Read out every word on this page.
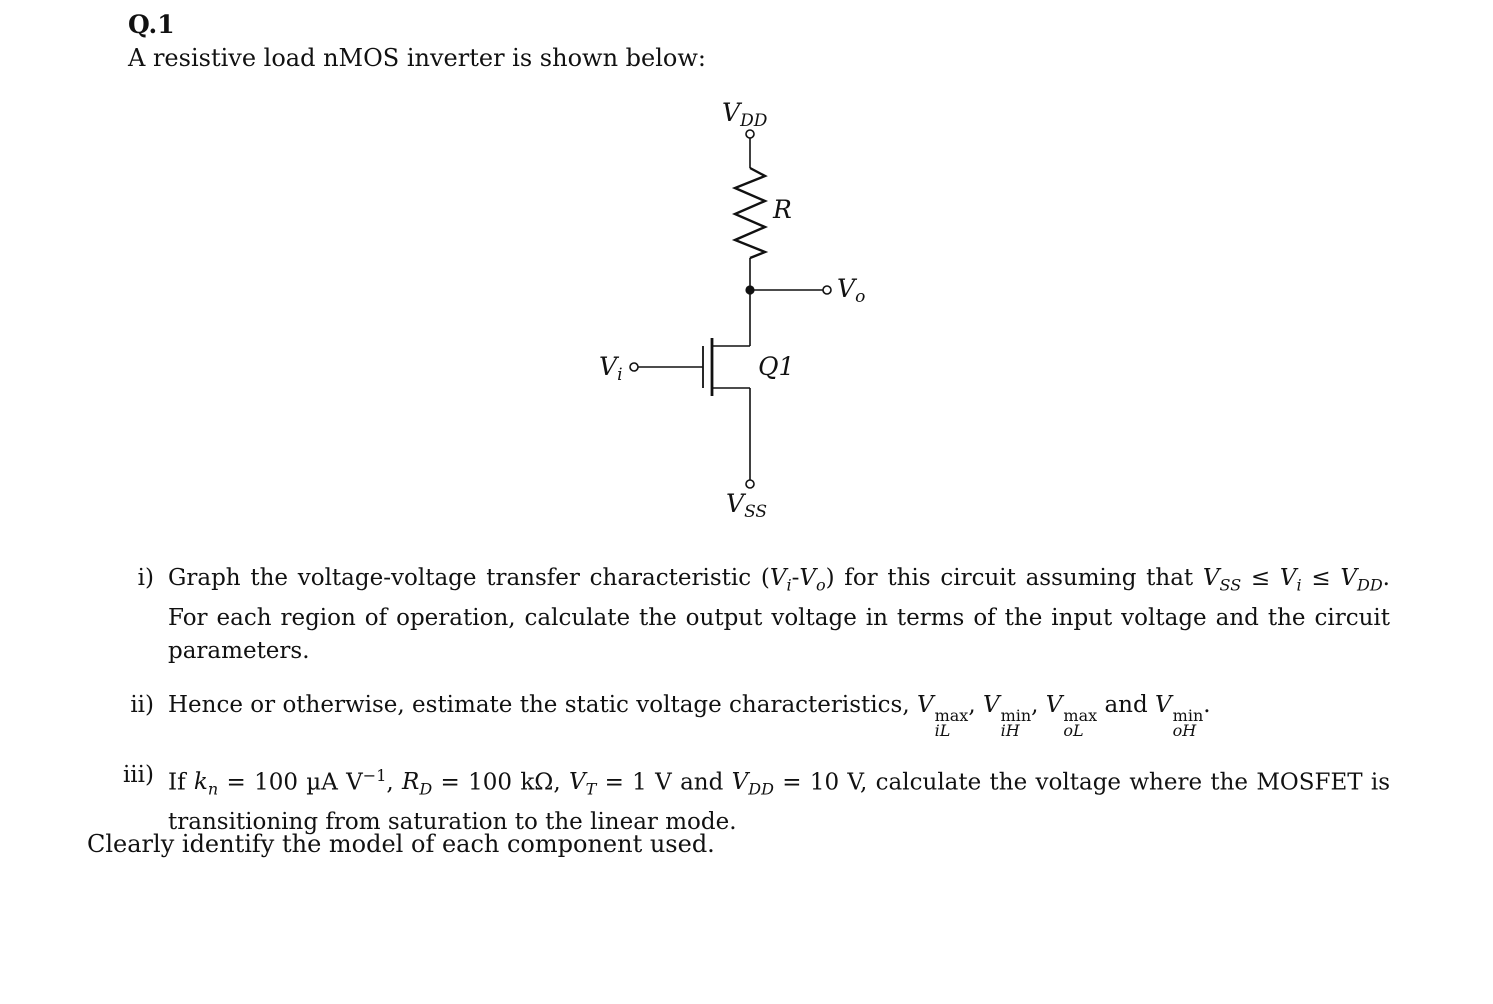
Q.1
A resistive load nMOS inverter is shown below:
$V_{DD}$
R
$V_o$
$V_i$	Q1
$V_{SS}$
i) Graph the voltage-voltage transfer characteristic $(V_i-V_o)$ for this circuit assuming that $V_{SS} \le V_i \le V_{DD}$. For each region of operation, calculate the output voltage in terms of the input voltage and the circuit parameters.
ii) Hence or otherwise, estimate the static voltage characteristics, V max
iL
, V min
iH
, V max
oL
and V min
oH
.
iii) If $k_n = 100$ µA $V^{-1}$, $R_D = 100$ kΩ, $V_T = 1$ V and $V_{DD} = 10$ V, calculate the voltage where the MOSFET is transitioning from saturation to the linear mode.
Clearly identify the model of each component used.
